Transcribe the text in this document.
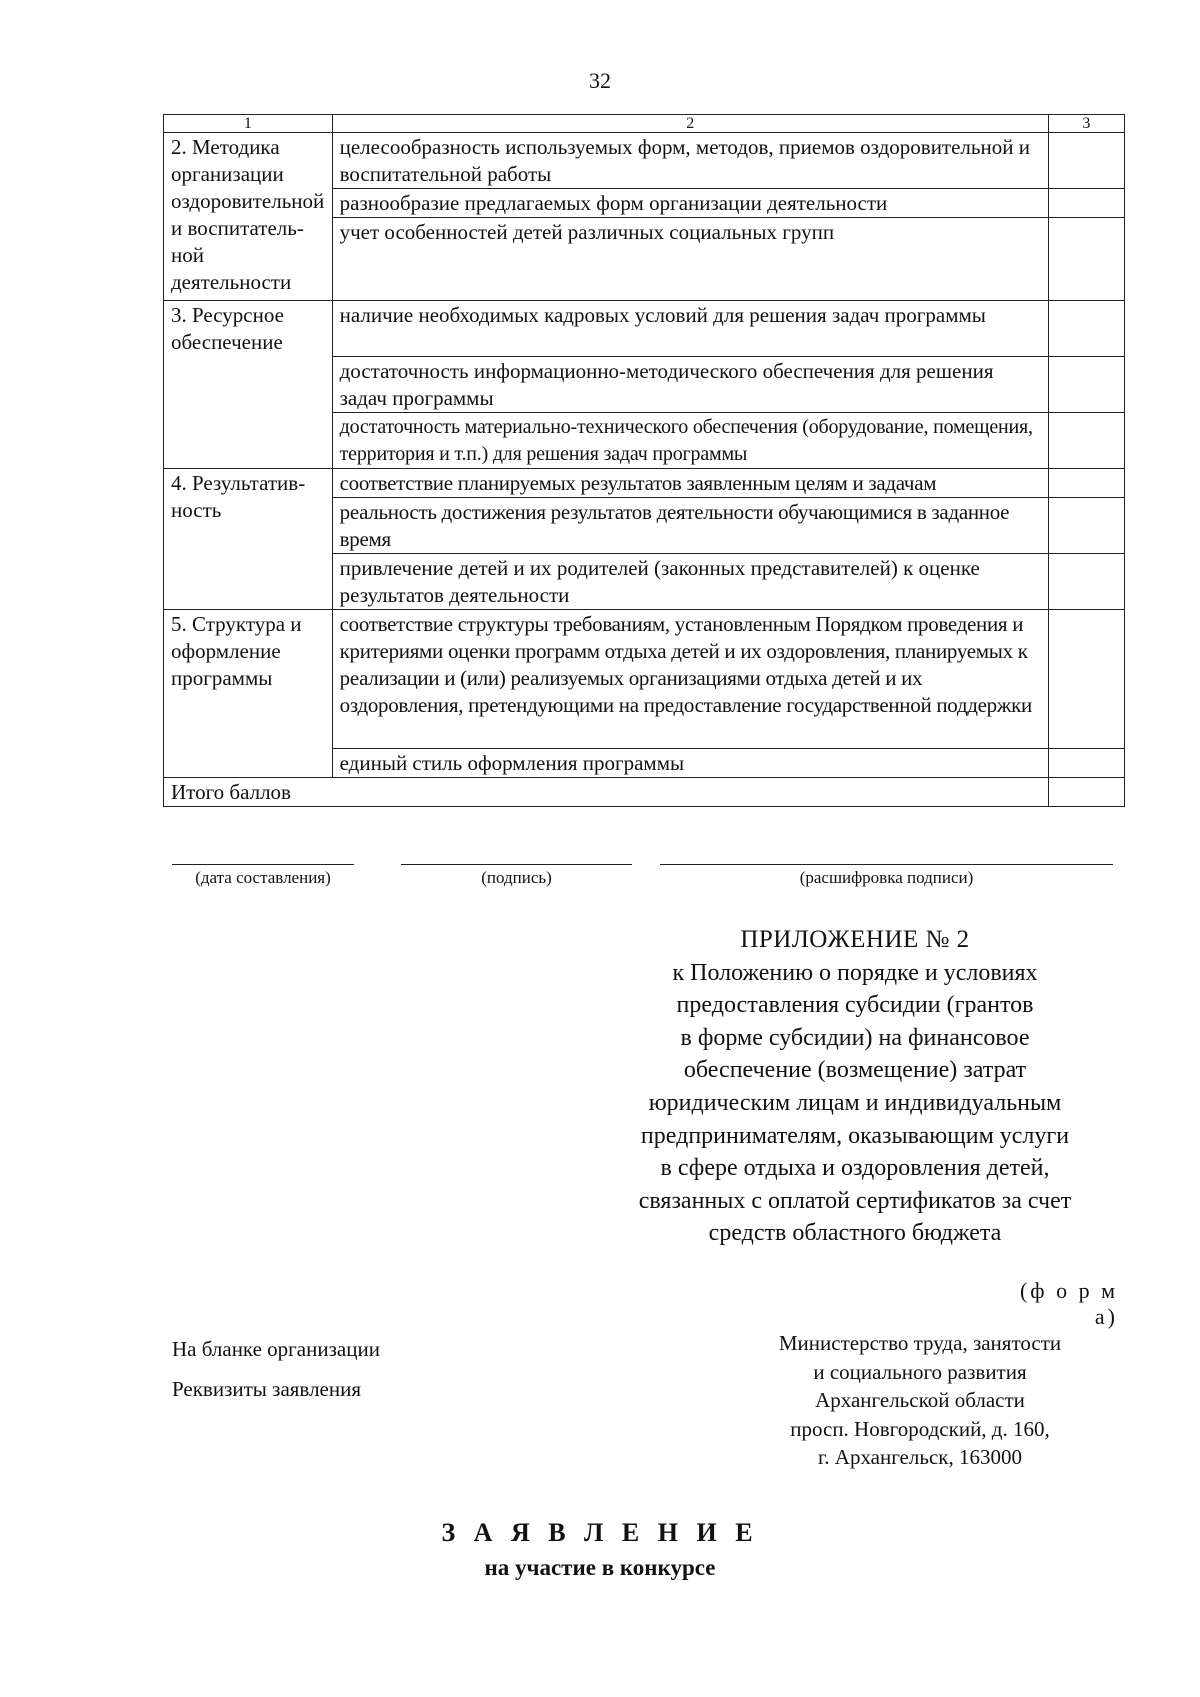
32
1	2	3
2. Методика организации оздоровительной и воспитатель-ной деятельности	целесообразность используемых форм, методов, приемов оздоровительной и воспитательной работы	
	разнообразие предлагаемых форм организации деятельности	
	учет особенностей детей различных социальных групп	
3. Ресурсное обеспечение	наличие необходимых кадровых условий для решения задач программы	
	достаточность информационно-методического обеспечения для решения задач программы	
	достаточность материально-технического обеспечения (оборудование, помещения, территория и т.п.) для решения задач программы	
4. Результатив-ность	соответствие планируемых результатов заявленным целям и задачам	
	реальность достижения результатов деятельности обучающимися в заданное время	
	привлечение детей и их родителей (законных представителей) к оценке результатов деятельности	
5. Структура и оформление программы	соответствие структуры требованиям, установленным Порядком проведения и критериями оценки программ отдыха детей и их оздоровления, планируемых к реализации и (или) реализуемых организациями отдыха детей и их оздоровления, претендующими на предоставление государственной поддержки	
	единый стиль оформления программы	
Итого баллов		
(дата составления)	(подпись)	(расшифровка подписи)
ПРИЛОЖЕНИЕ № 2
к Положению о порядке и условиях
предоставления субсидии (грантов
в форме субсидии) на финансовое
обеспечение (возмещение) затрат
юридическим лицам и индивидуальным
предпринимателям, оказывающим услуги
в сфере отдыха и оздоровления детей,
связанных с оплатой сертификатов за счет
средств областного бюджета
(ф о р м а)
На бланке организации
Реквизиты заявления
Министерство труда, занятости
и социального развития
Архангельской области
просп. Новгородский, д. 160,
г. Архангельск, 163000
З А Я В Л Е Н И Е
на участие в конкурсе
